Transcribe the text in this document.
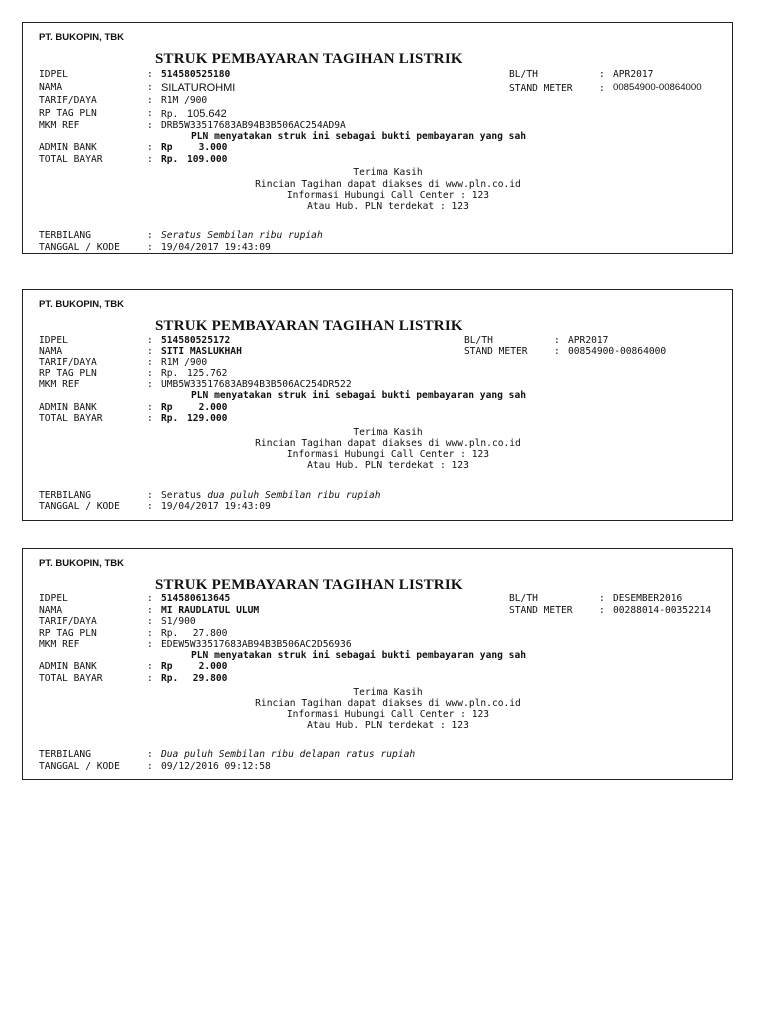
PT. BUKOPIN, TBK
STRUK PEMBAYARAN TAGIHAN LISTRIK
IDPEL	: 514580525180	BL/TH	: APR2017
NAMA	: SILATUROHMI	STAND METER	: 00854900-00864000
TARIF/DAYA	: R1M /900
RP TAG PLN	: Rp. 105.642
MKM REF	: DRB5W33517683AB94B3B506AC254AD9A
PLN menyatakan struk ini sebagai bukti pembayaran yang sah
ADMIN BANK	: Rp	3.000
TOTAL BAYAR	: Rp. 109.000
Terima Kasih
Rincian Tagihan dapat diakses di www.pln.co.id
Informasi Hubungi Call Center : 123
Atau Hub. PLN terdekat : 123
TERBILANG	: Seratus Sembilan ribu rupiah
TANGGAL / KODE	: 19/04/2017 19:43:09
PT. BUKOPIN, TBK
STRUK PEMBAYARAN TAGIHAN LISTRIK
IDPEL	: 514580525172	BL/TH	: APR2017
NAMA	: SITI MASLUKHAH	STAND METER	: 00854900-00864000
TARIF/DAYA	: R1M /900
RP TAG PLN	: Rp. 125.762
MKM REF	: UMB5W33517683AB94B3B506AC254DR522
PLN menyatakan struk ini sebagai bukti pembayaran yang sah
ADMIN BANK	: Rp	2.000
TOTAL BAYAR	: Rp. 129.000
Terima Kasih
Rincian Tagihan dapat diakses di www.pln.co.id
Informasi Hubungi Call Center : 123
Atau Hub. PLN terdekat : 123
TERBILANG	: Seratus dua puluh Sembilan ribu rupiah
TANGGAL / KODE	: 19/04/2017 19:43:09
PT. BUKOPIN, TBK
STRUK PEMBAYARAN TAGIHAN LISTRIK
IDPEL	: 514580613645	BL/TH	: DESEMBER2016
NAMA	: MI RAUDLATUL ULUM	STAND METER	: 00288014-00352214
TARIF/DAYA	: S1/900
RP TAG PLN	: Rp. 27.800
MKM REF	: EDEW5W33517683AB94B3B506AC2D56936
PLN menyatakan struk ini sebagai bukti pembayaran yang sah
ADMIN BANK	: Rp	2.000
TOTAL BAYAR	: Rp. 29.800
Terima Kasih
Rincian Tagihan dapat diakses di www.pln.co.id
Informasi Hubungi Call Center : 123
Atau Hub. PLN terdekat : 123
TERBILANG	: Dua puluh Sembilan ribu delapan ratus rupiah
TANGGAL / KODE	: 09/12/2016 09:12:58
